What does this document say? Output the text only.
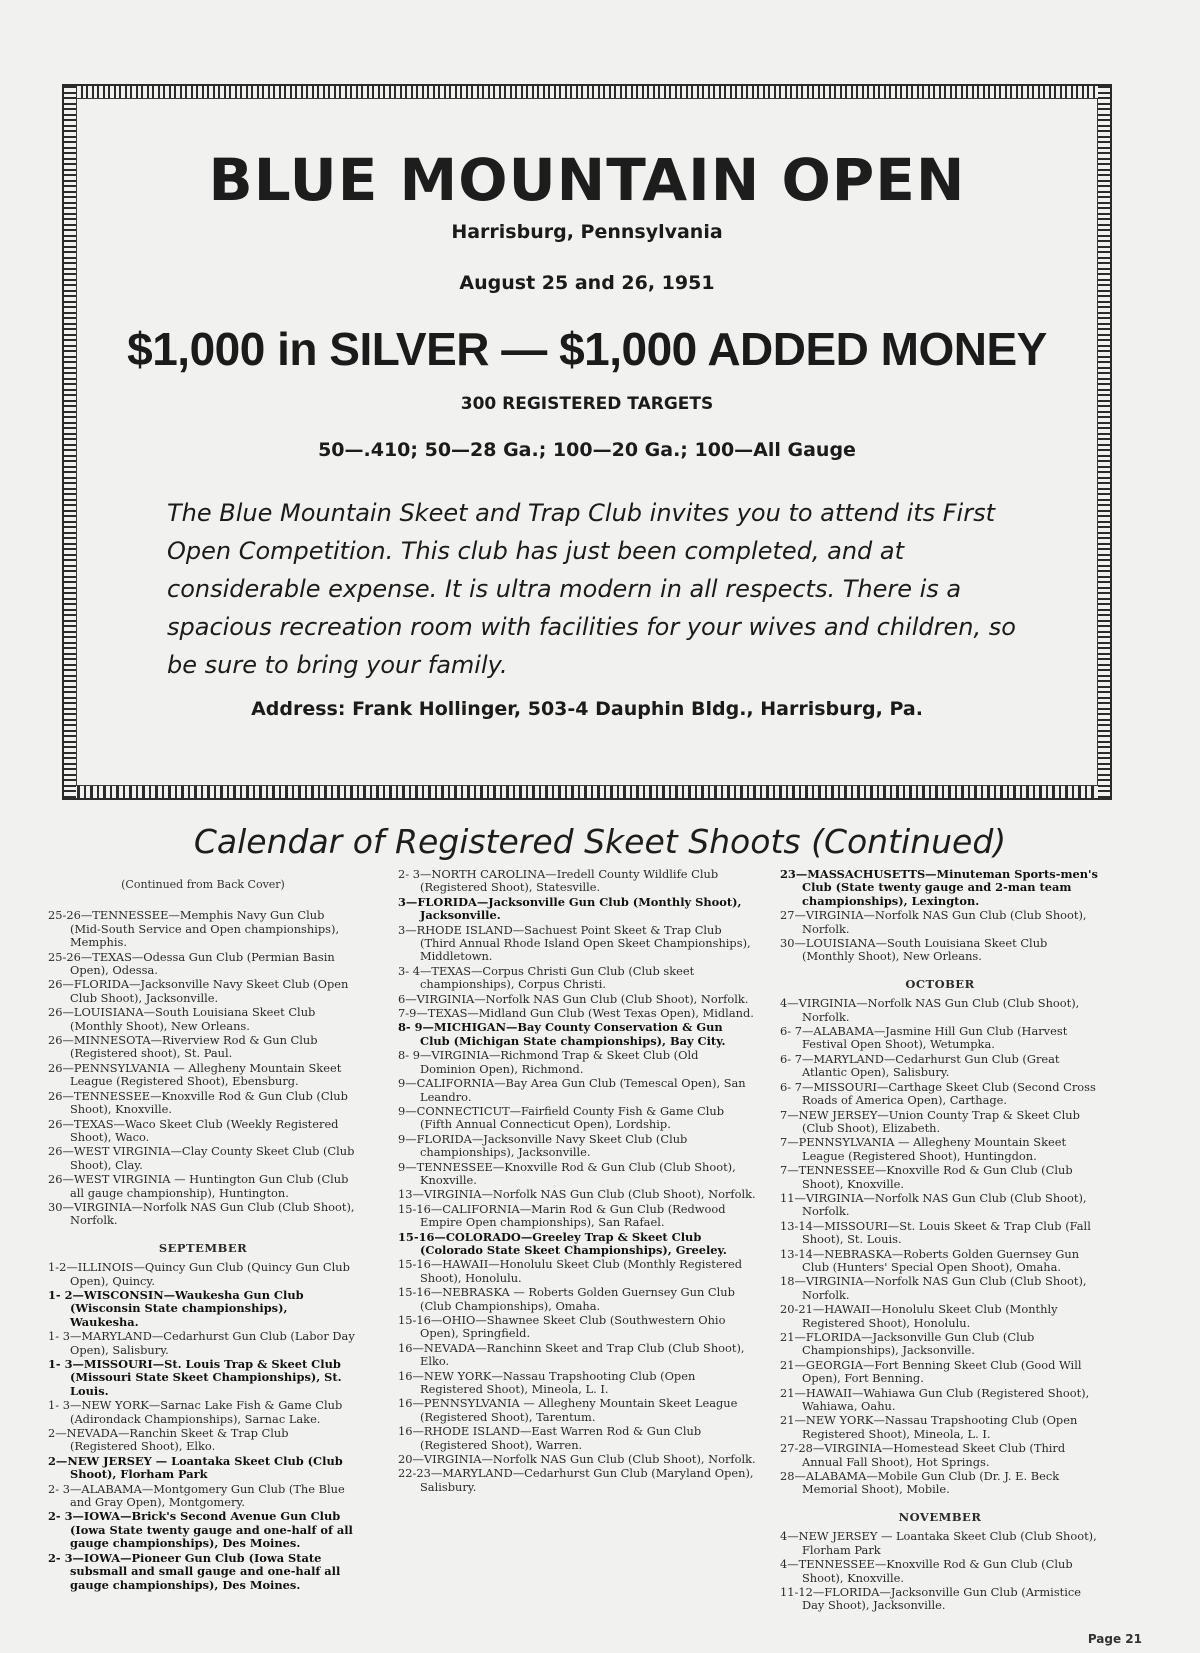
BLUE MOUNTAIN OPEN
Harrisburg, Pennsylvania
August 25 and 26, 1951
$1,000 in SILVER — $1,000 ADDED MONEY
300 REGISTERED TARGETS
50—.410; 50—28 Ga.; 100—20 Ga.; 100—All Gauge
The Blue Mountain Skeet and Trap Club invites you to attend its First Open Competition. This club has just been completed, and at considerable expense. It is ultra modern in all respects. There is a spacious recreation room with facilities for your wives and children, so be sure to bring your family.
Address: Frank Hollinger, 503-4 Dauphin Bldg., Harrisburg, Pa.
Calendar of Registered Skeet Shoots (Continued)
(Continued from Back Cover)
25-26—TENNESSEE—Memphis Navy Gun Club (Mid-South Service and Open championships), Memphis.
25-26—TEXAS—Odessa Gun Club (Permian Basin Open), Odessa.
26—FLORIDA—Jacksonville Navy Skeet Club (Open Club Shoot), Jacksonville.
26—LOUISIANA—South Louisiana Skeet Club (Monthly Shoot), New Orleans.
26—MINNESOTA—Riverview Rod & Gun Club (Registered shoot), St. Paul.
26—PENNSYLVANIA — Allegheny Mountain Skeet League (Registered Shoot), Ebensburg.
26—TENNESSEE—Knoxville Rod & Gun Club (Club Shoot), Knoxville.
26—TEXAS—Waco Skeet Club (Weekly Registered Shoot), Waco.
26—WEST VIRGINIA—Clay County Skeet Club (Club Shoot), Clay.
26—WEST VIRGINIA — Huntington Gun Club (Club all gauge championship), Huntington.
30—VIRGINIA—Norfolk NAS Gun Club (Club Shoot), Norfolk.
SEPTEMBER
1-2—ILLINOIS—Quincy Gun Club (Quincy Gun Club Open), Quincy.
1- 2—WISCONSIN—Waukesha Gun Club (Wisconsin State championships), Waukesha.
1- 3—MARYLAND—Cedarhurst Gun Club (Labor Day Open), Salisbury.
1- 3—MISSOURI—St. Louis Trap & Skeet Club (Missouri State Skeet Championships), St. Louis.
1- 3—NEW YORK—Sarnac Lake Fish & Game Club (Adirondack Championships), Sarnac Lake.
2—NEVADA—Ranchin Skeet & Trap Club (Registered Shoot), Elko.
2—NEW JERSEY — Loantaka Skeet Club (Club Shoot), Florham Park
2- 3—ALABAMA—Montgomery Gun Club (The Blue and Gray Open), Montgomery.
2- 3—IOWA—Brick's Second Avenue Gun Club (Iowa State twenty gauge and one-half of all gauge championships), Des Moines.
2- 3—IOWA—Pioneer Gun Club (Iowa State subsmall and small gauge and one-half all gauge championships), Des Moines.
2- 3—NORTH CAROLINA—Iredell County Wildlife Club (Registered Shoot), Statesville.
3—FLORIDA—Jacksonville Gun Club (Monthly Shoot), Jacksonville.
3—RHODE ISLAND—Sachuest Point Skeet & Trap Club (Third Annual Rhode Island Open Skeet Championships), Middletown.
3- 4—TEXAS—Corpus Christi Gun Club (Club skeet championships), Corpus Christi.
6—VIRGINIA—Norfolk NAS Gun Club (Club Shoot), Norfolk.
7-9—TEXAS—Midland Gun Club (West Texas Open), Midland.
8- 9—MICHIGAN—Bay County Conservation & Gun Club (Michigan State championships), Bay City.
8- 9—VIRGINIA—Richmond Trap & Skeet Club (Old Dominion Open), Richmond.
9—CALIFORNIA—Bay Area Gun Club (Temescal Open), San Leandro.
9—CONNECTICUT—Fairfield County Fish & Game Club (Fifth Annual Connecticut Open), Lordship.
9—FLORIDA—Jacksonville Navy Skeet Club (Club championships), Jacksonville.
9—TENNESSEE—Knoxville Rod & Gun Club (Club Shoot), Knoxville.
13—VIRGINIA—Norfolk NAS Gun Club (Club Shoot), Norfolk.
15-16—CALIFORNIA—Marin Rod & Gun Club (Redwood Empire Open championships), San Rafael.
15-16—COLORADO—Greeley Trap & Skeet Club (Colorado State Skeet Championships), Greeley.
15-16—HAWAII—Honolulu Skeet Club (Monthly Registered Shoot), Honolulu.
15-16—NEBRASKA — Roberts Golden Guernsey Gun Club (Club Championships), Omaha.
15-16—OHIO—Shawnee Skeet Club (Southwestern Ohio Open), Springfield.
16—NEVADA—Ranchinn Skeet and Trap Club (Club Shoot), Elko.
16—NEW YORK—Nassau Trapshooting Club (Open Registered Shoot), Mineola, L. I.
16—PENNSYLVANIA — Allegheny Mountain Skeet League (Registered Shoot), Tarentum.
16—RHODE ISLAND—East Warren Rod & Gun Club (Registered Shoot), Warren.
20—VIRGINIA—Norfolk NAS Gun Club (Club Shoot), Norfolk.
22-23—MARYLAND—Cedarhurst Gun Club (Maryland Open), Salisbury.
23—MASSACHUSETTS—Minuteman Sports-men's Club (State twenty gauge and 2-man team championships), Lexington.
27—VIRGINIA—Norfolk NAS Gun Club (Club Shoot), Norfolk.
30—LOUISIANA—South Louisiana Skeet Club (Monthly Shoot), New Orleans.
OCTOBER
4—VIRGINIA—Norfolk NAS Gun Club (Club Shoot), Norfolk.
6- 7—ALABAMA—Jasmine Hill Gun Club (Harvest Festival Open Shoot), Wetumpka.
6- 7—MARYLAND—Cedarhurst Gun Club (Great Atlantic Open), Salisbury.
6- 7—MISSOURI—Carthage Skeet Club (Second Cross Roads of America Open), Carthage.
7—NEW JERSEY—Union County Trap & Skeet Club (Club Shoot), Elizabeth.
7—PENNSYLVANIA — Allegheny Mountain Skeet League (Registered Shoot), Huntingdon.
7—TENNESSEE—Knoxville Rod & Gun Club (Club Shoot), Knoxville.
11—VIRGINIA—Norfolk NAS Gun Club (Club Shoot), Norfolk.
13-14—MISSOURI—St. Louis Skeet & Trap Club (Fall Shoot), St. Louis.
13-14—NEBRASKA—Roberts Golden Guernsey Gun Club (Hunters' Special Open Shoot), Omaha.
18—VIRGINIA—Norfolk NAS Gun Club (Club Shoot), Norfolk.
20-21—HAWAII—Honolulu Skeet Club (Monthly Registered Shoot), Honolulu.
21—FLORIDA—Jacksonville Gun Club (Club Championships), Jacksonville.
21—GEORGIA—Fort Benning Skeet Club (Good Will Open), Fort Benning.
21—HAWAII—Wahiawa Gun Club (Registered Shoot), Wahiawa, Oahu.
21—NEW YORK—Nassau Trapshooting Club (Open Registered Shoot), Mineola, L. I.
27-28—VIRGINIA—Homestead Skeet Club (Third Annual Fall Shoot), Hot Springs.
28—ALABAMA—Mobile Gun Club (Dr. J. E. Beck Memorial Shoot), Mobile.
NOVEMBER
4—NEW JERSEY — Loantaka Skeet Club (Club Shoot), Florham Park
4—TENNESSEE—Knoxville Rod & Gun Club (Club Shoot), Knoxville.
11-12—FLORIDA—Jacksonville Gun Club (Armistice Day Shoot), Jacksonville.
Page 21
